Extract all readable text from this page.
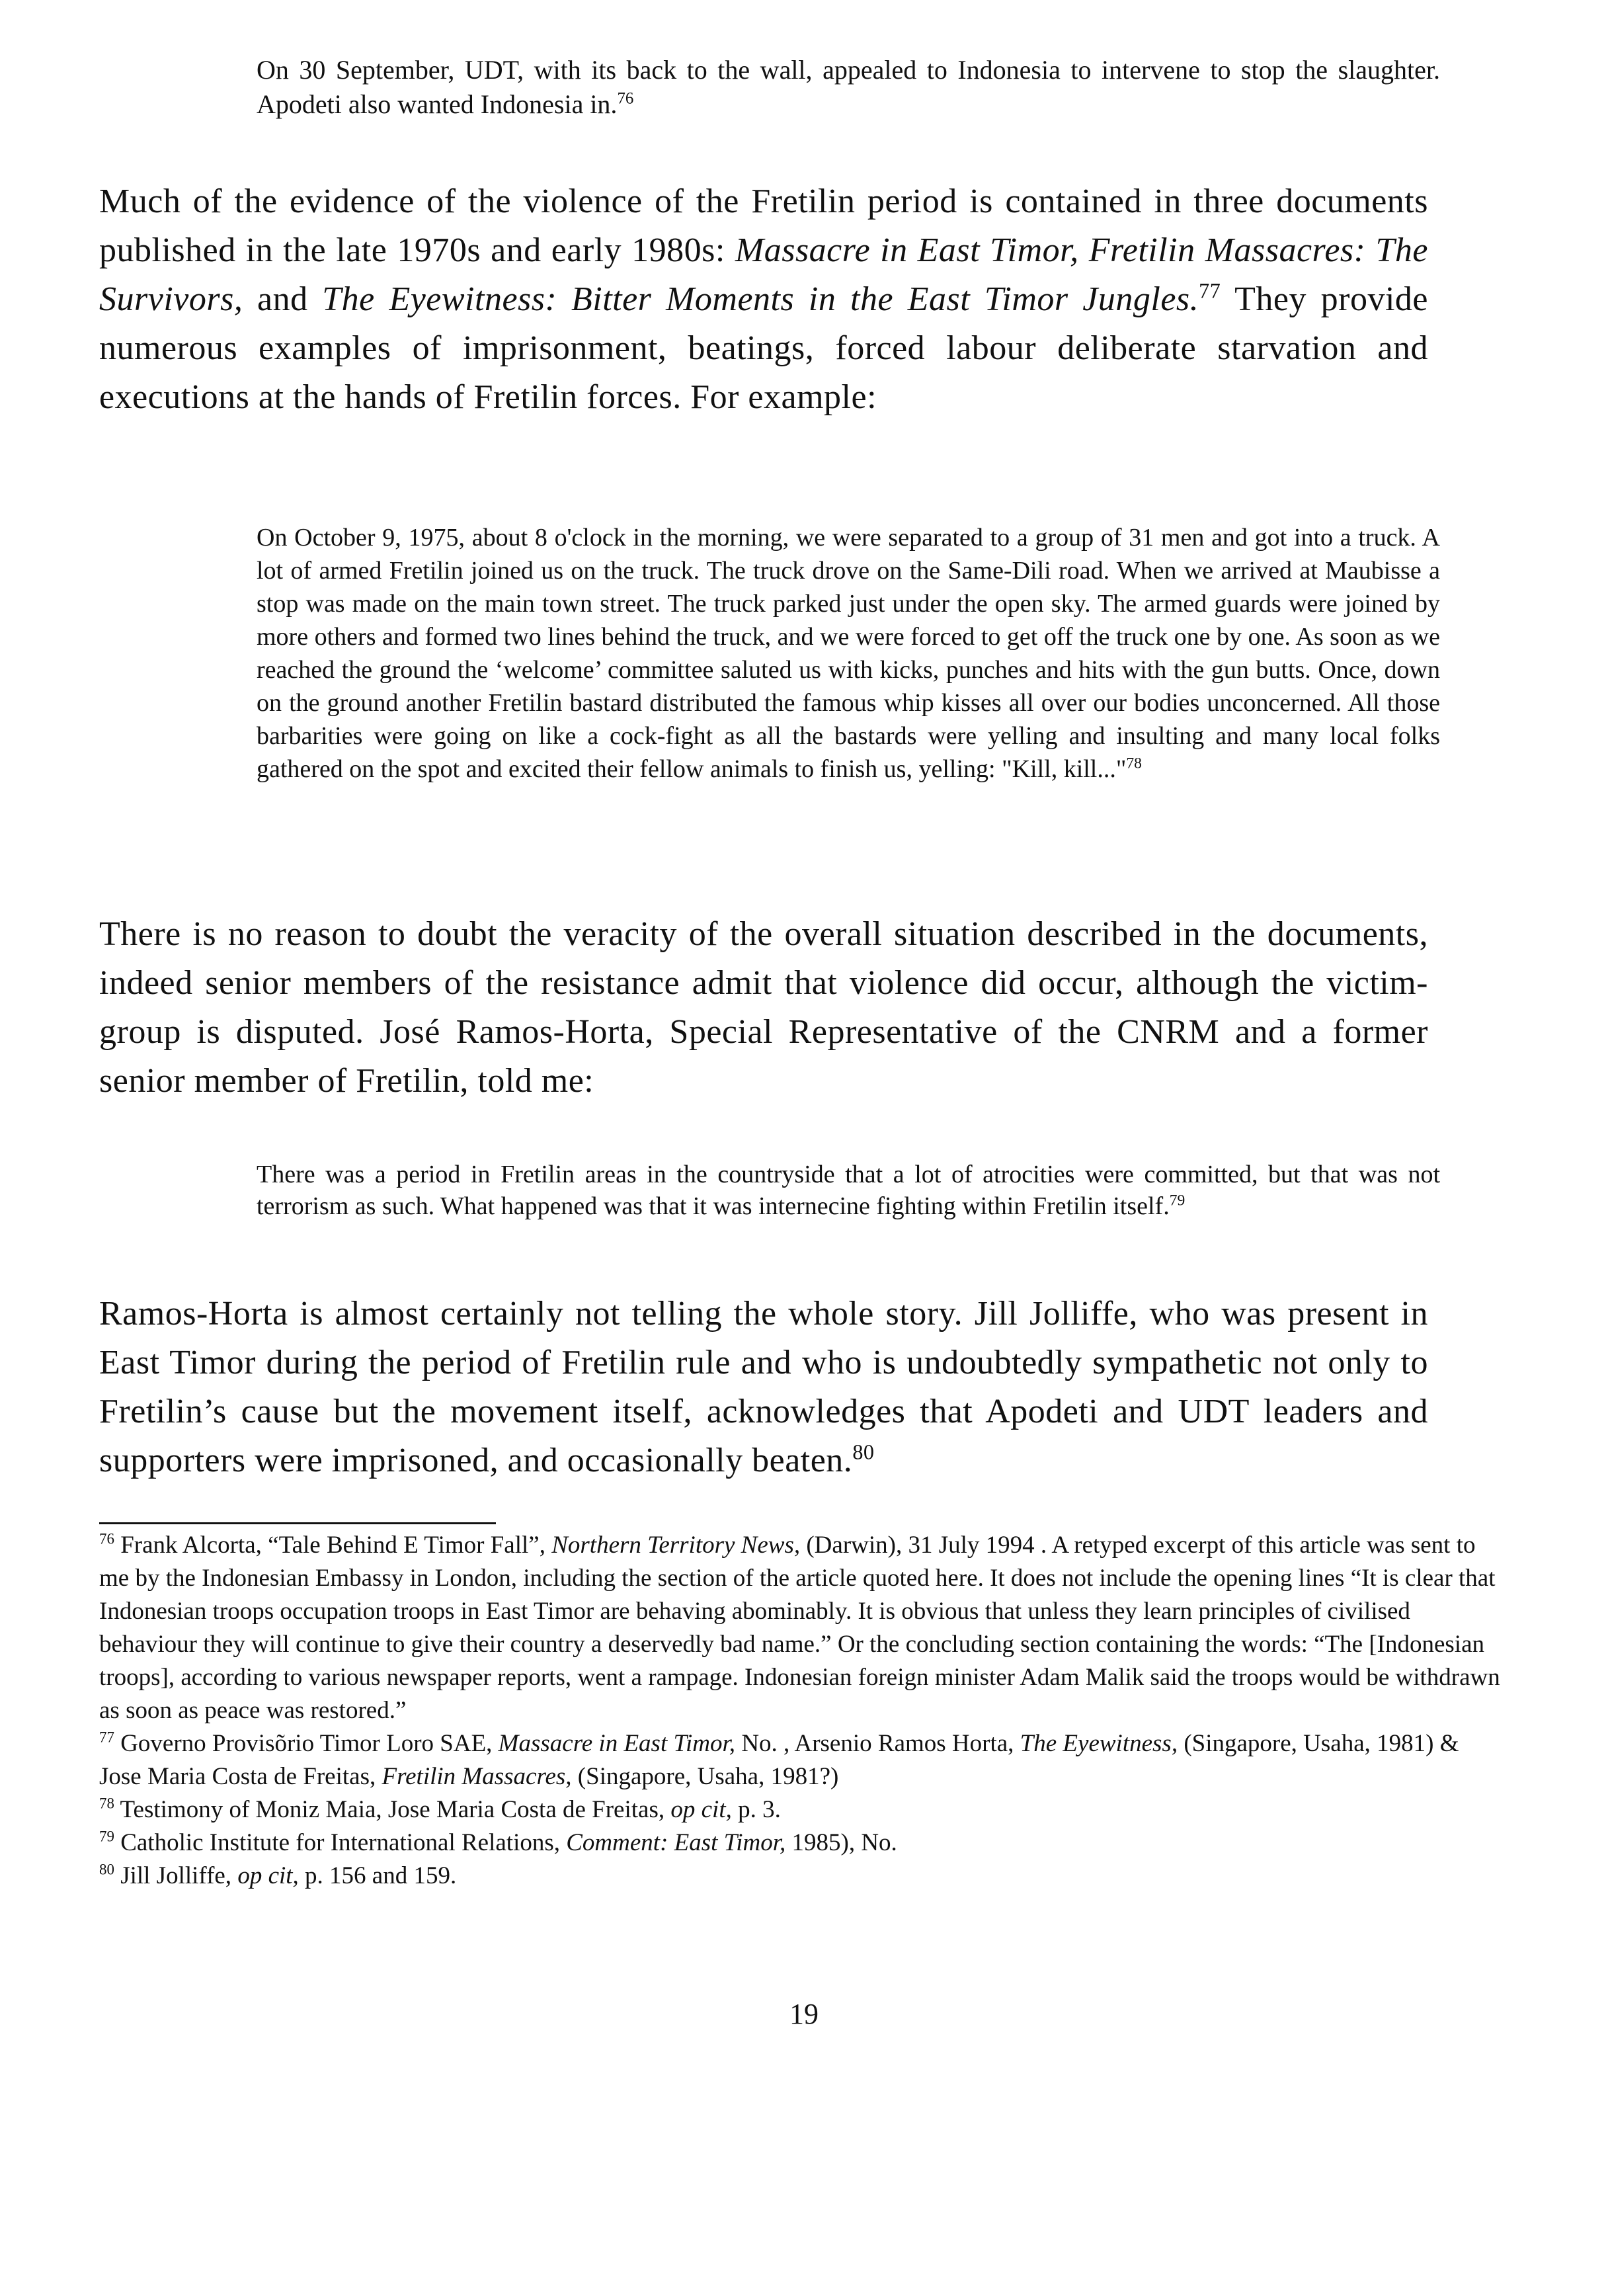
On 30 September, UDT, with its back to the wall, appealed to Indonesia to intervene to stop the slaughter. Apodeti also wanted Indonesia in.$^{76}$

Much of the evidence of the violence of the Fretilin period is contained in three documents published in the late 1970s and early 1980s: Massacre in East Timor, Fretilin Massacres: The Survivors, and The Eyewitness: Bitter Moments in the East Timor Jungles.$^{77}$ They provide numerous examples of imprisonment, beatings, forced labour deliberate starvation and executions at the hands of Fretilin forces. For example:

On October 9, 1975, about 8 o'clock in the morning, we were separated to a group of 31 men and got into a truck. A lot of armed Fretilin joined us on the truck. The truck drove on the Same-Dili road. When we arrived at Maubisse a stop was made on the main town street. The truck parked just under the open sky. The armed guards were joined by more others and formed two lines behind the truck, and we were forced to get off the truck one by one. As soon as we reached the ground the ‘welcome’ committee saluted us with kicks, punches and hits with the gun butts. Once, down on the ground another Fretilin bastard distributed the famous whip kisses all over our bodies unconcerned. All those barbarities were going on like a cock-fight as all the bastards were yelling and insulting and many local folks gathered on the spot and excited their fellow animals to finish us, yelling: "Kill, kill..."$^{78}$

There is no reason to doubt the veracity of the overall situation described in the documents, indeed senior members of the resistance admit that violence did occur, although the victim-group is disputed. José Ramos-Horta, Special Representative of the CNRM and a former senior member of Fretilin, told me:

There was a period in Fretilin areas in the countryside that a lot of atrocities were committed, but that was not terrorism as such. What happened was that it was internecine fighting within Fretilin itself.$^{79}$

Ramos-Horta is almost certainly not telling the whole story. Jill Jolliffe, who was present in East Timor during the period of Fretilin rule and who is undoubtedly sympathetic not only to Fretilin’s cause but the movement itself, acknowledges that Apodeti and UDT leaders and supporters were imprisoned, and occasionally beaten.$^{80}$

$^{76}$ Frank Alcorta, “Tale Behind E Timor Fall”, Northern Territory News, (Darwin), 31 July 1994 . A retyped excerpt of this article was sent to me by the Indonesian Embassy in London, including the section of the article quoted here. It does not include the opening lines “It is clear that Indonesian troops occupation troops in East Timor are behaving abominably. It is obvious that unless they learn principles of civilised behaviour they will continue to give their country a deservedly bad name.” Or the concluding section containing the words: “The [Indonesian troops], according to various newspaper reports, went a rampage. Indonesian foreign minister Adam Malik said the troops would be withdrawn as soon as peace was restored.”

$^{77}$ Governo Provisõrio Timor Loro SAE, Massacre in East Timor, No. , Arsenio Ramos Horta, The Eyewitness, (Singapore, Usaha, 1981) & Jose Maria Costa de Freitas, Fretilin Massacres, (Singapore, Usaha, 1981?)

$^{78}$ Testimony of Moniz Maia, Jose Maria Costa de Freitas, op cit, p. 3.

$^{79}$ Catholic Institute for International Relations, Comment: East Timor, 1985), No.

$^{80}$ Jill Jolliffe, op cit, p. 156 and 159.

19
